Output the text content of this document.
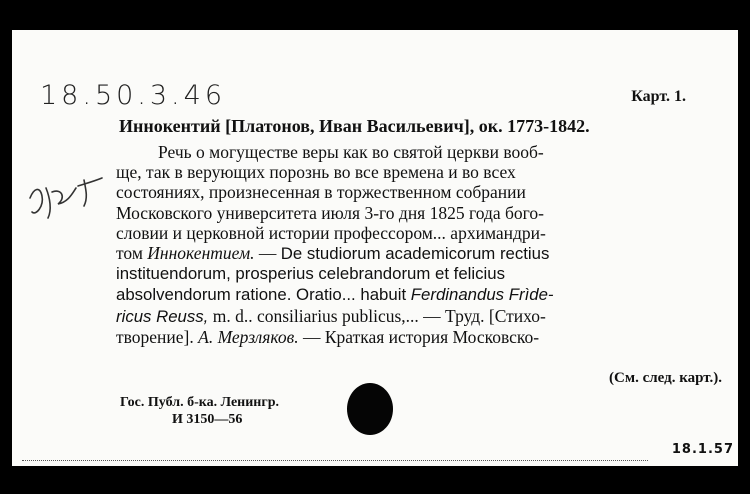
18.50.3.46	Карт. 1.
Иннокентий [Платонов, Иван Васильевич], ок. 1773-1842.
Речь о могуществе веры как во святой церкви вооб-
ще, так в верующих порознь во все времена и во всех
состояниях, произнесенная в торжественном собрании
Московского университета июля 3-го дня 1825 года бого-
словии и церковной истории профессором... архимандри-
том Иннокентием. — De studiorum academicorum rectius
instituendorum, prosperius celebrandorum et felicius
absolvendorum ratione. Oratio... habuit Ferdinandus Frìde-
ricus Reuss, m. d.. consiliarius publicus,... — Труд. [Стихо-
творение]. А. Мерзляков. — Краткая история Московско-
(См. след. карт.).
Гос. Публ. б-ка. Ленингр.
И 3150—56
18.1.57
